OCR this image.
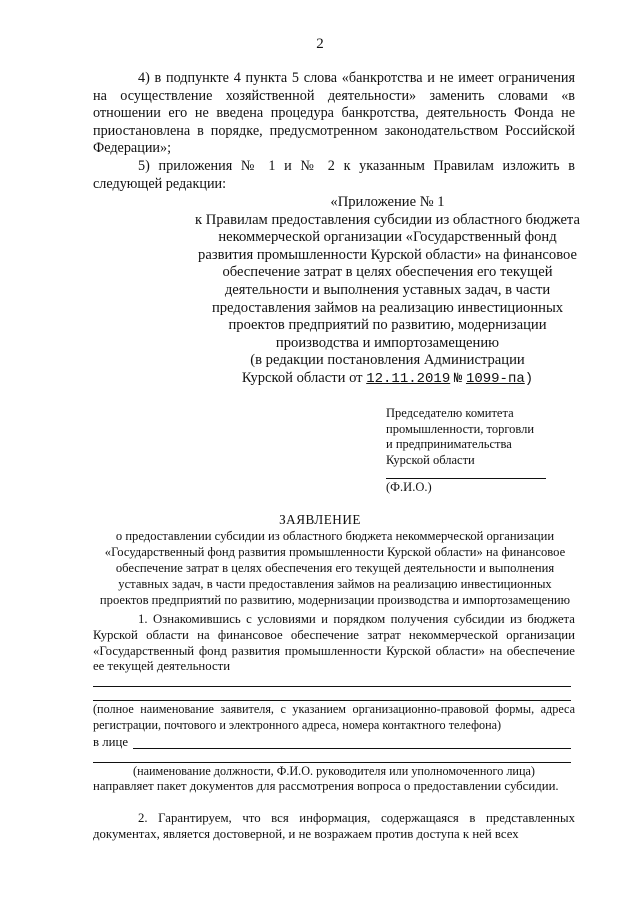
2
4) в подпункте 4 пункта 5 слова «банкротства и не имеет ограничения на осуществление хозяйственной деятельности» заменить словами «в отношении его не введена процедура банкротства, деятельность Фонда не приостановлена в порядке, предусмотренном законодательством Российской Федерации»;
5) приложения № 1 и № 2 к указанным Правилам изложить в следующей редакции:
«Приложение № 1
к Правилам предоставления субсидии из областного бюджета некоммерческой организации «Государственный фонд развития промышленности Курской области» на финансовое обеспечение затрат в целях обеспечения его текущей деятельности и выполнения уставных задач, в части предоставления займов на реализацию инвестиционных проектов предприятий по развитию, модернизации производства и импортозамещению
(в редакции постановления Администрации
Курской области от 12.11.2019 № 1099-па)
Председателю комитета
промышленности, торговли
и предпринимательства
Курской области
(Ф.И.О.)
ЗАЯВЛЕНИЕ
о предоставлении субсидии из областного бюджета некоммерческой организации «Государственный фонд развития промышленности Курской области» на финансовое обеспечение затрат в целях обеспечения его текущей деятельности и выполнения уставных задач, в части предоставления займов на реализацию инвестиционных проектов предприятий по развитию, модернизации производства и импортозамещению
1. Ознакомившись с условиями и порядком получения субсидии из бюджета Курской области на финансовое обеспечение затрат некоммерческой организации «Государственный фонд развития промышленности Курской области» на обеспечение ее текущей деятельности
(полное наименование заявителя, с указанием организационно-правовой формы, адреса регистрации, почтового и электронного адреса, номера контактного телефона)
в лице
(наименование должности, Ф.И.О. руководителя или уполномоченного лица)
направляет пакет документов для рассмотрения вопроса о предоставлении субсидии.
2. Гарантируем, что вся информация, содержащаяся в представленных документах, является достоверной, и не возражаем против доступа к ней всех
